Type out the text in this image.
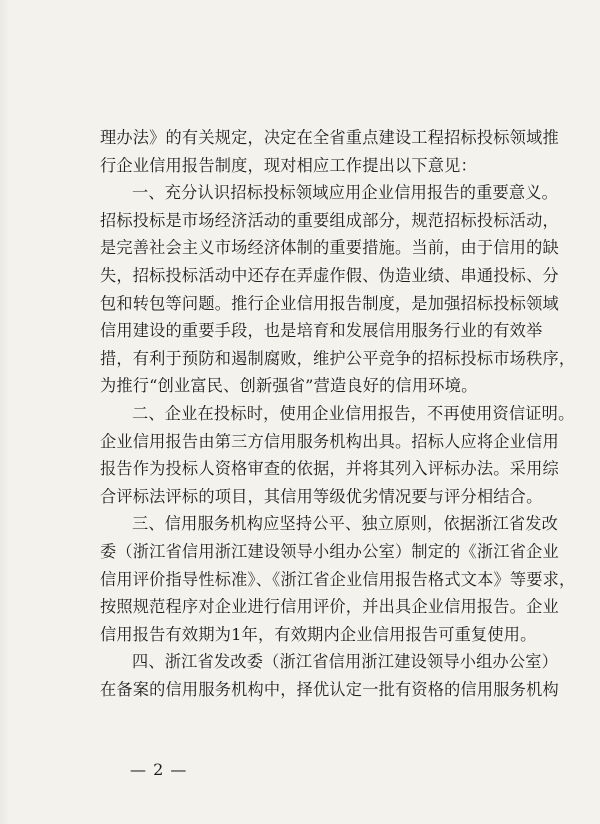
理办法》的有关规定，决定在全省重点建设工程招标投标领域推
行企业信用报告制度，现对相应工作提出以下意见：
一、充分认识招标投标领域应用企业信用报告的重要意义。
招标投标是市场经济活动的重要组成部分，规范招标投标活动，
是完善社会主义市场经济体制的重要措施。当前，由于信用的缺
失，招标投标活动中还存在弄虚作假、伪造业绩、串通投标、分
包和转包等问题。推行企业信用报告制度，是加强招标投标领域
信用建设的重要手段，也是培育和发展信用服务行业的有效举
措，有利于预防和遏制腐败，维护公平竞争的招标投标市场秩序，
为推行“创业富民、创新强省”营造良好的信用环境。
二、企业在投标时，使用企业信用报告，不再使用资信证明。
企业信用报告由第三方信用服务机构出具。招标人应将企业信用
报告作为投标人资格审查的依据，并将其列入评标办法。采用综
合评标法评标的项目，其信用等级优劣情况要与评分相结合。
三、信用服务机构应坚持公平、独立原则，依据浙江省发改
委（浙江省信用浙江建设领导小组办公室）制定的《浙江省企业
信用评价指导性标准》、《浙江省企业信用报告格式文本》等要求，
按照规范程序对企业进行信用评价，并出具企业信用报告。企业
信用报告有效期为1年，有效期内企业信用报告可重复使用。
四、浙江省发改委（浙江省信用浙江建设领导小组办公室）
在备案的信用服务机构中，择优认定一批有资格的信用服务机构
— 2 —
